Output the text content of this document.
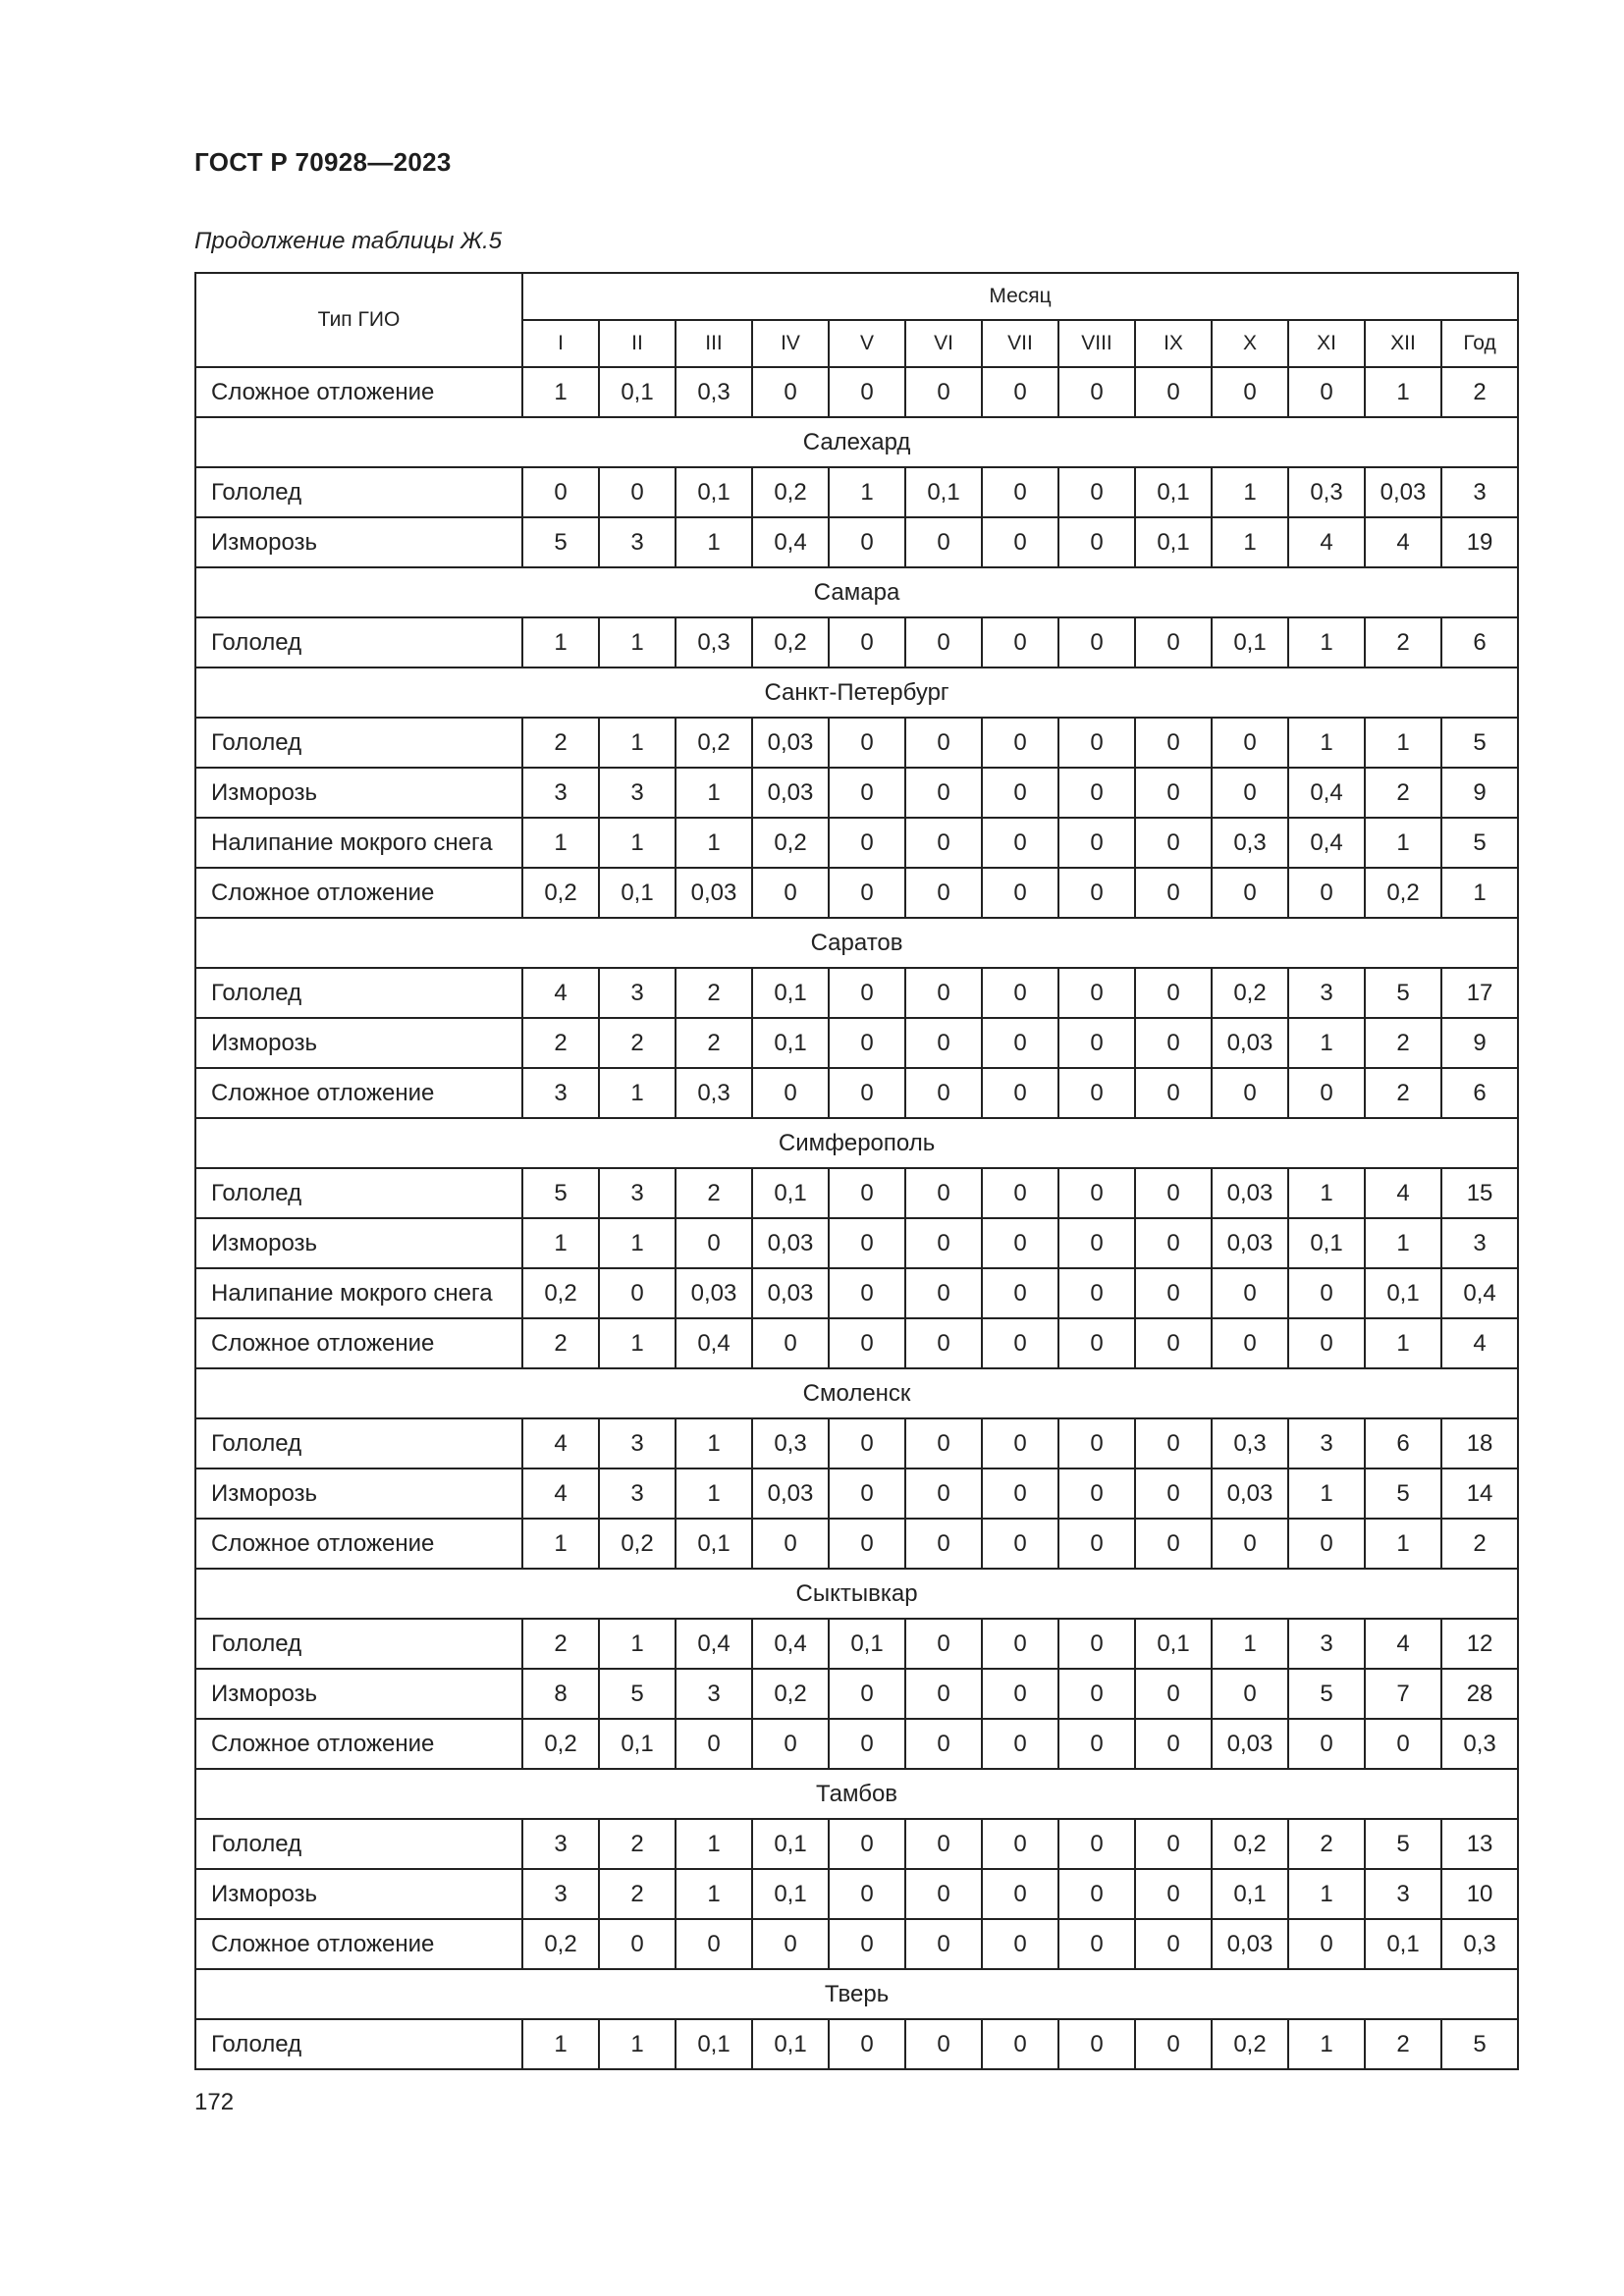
ГОСТ Р 70928—2023
Продолжение таблицы Ж.5
Тип ГИО	Месяц												
	I	II	III	IV	V	VI	VII	VIII	IX	X	XI	XII	Год
Сложное отложение	1	0,1	0,3	0	0	0	0	0	0	0	0	1	2
Салехард													
Гололед	0	0	0,1	0,2	1	0,1	0	0	0,1	1	0,3	0,03	3
Изморозь	5	3	1	0,4	0	0	0	0	0,1	1	4	4	19
Самара													
Гололед	1	1	0,3	0,2	0	0	0	0	0	0,1	1	2	6
Санкт-Петербург													
Гололед	2	1	0,2	0,03	0	0	0	0	0	0	1	1	5
Изморозь	3	3	1	0,03	0	0	0	0	0	0	0,4	2	9
Налипание мокрого снега	1	1	1	0,2	0	0	0	0	0	0,3	0,4	1	5
Сложное отложение	0,2	0,1	0,03	0	0	0	0	0	0	0	0	0,2	1
Саратов													
Гололед	4	3	2	0,1	0	0	0	0	0	0,2	3	5	17
Изморозь	2	2	2	0,1	0	0	0	0	0	0,03	1	2	9
Сложное отложение	3	1	0,3	0	0	0	0	0	0	0	0	2	6
Симферополь													
Гололед	5	3	2	0,1	0	0	0	0	0	0,03	1	4	15
Изморозь	1	1	0	0,03	0	0	0	0	0	0,03	0,1	1	3
Налипание мокрого снега	0,2	0	0,03	0,03	0	0	0	0	0	0	0	0,1	0,4
Сложное отложение	2	1	0,4	0	0	0	0	0	0	0	0	1	4
Смоленск													
Гололед	4	3	1	0,3	0	0	0	0	0	0,3	3	6	18
Изморозь	4	3	1	0,03	0	0	0	0	0	0,03	1	5	14
Сложное отложение	1	0,2	0,1	0	0	0	0	0	0	0	0	1	2
Сыктывкар													
Гололед	2	1	0,4	0,4	0,1	0	0	0	0,1	1	3	4	12
Изморозь	8	5	3	0,2	0	0	0	0	0	0	5	7	28
Сложное отложение	0,2	0,1	0	0	0	0	0	0	0	0,03	0	0	0,3
Тамбов													
Гололед	3	2	1	0,1	0	0	0	0	0	0,2	2	5	13
Изморозь	3	2	1	0,1	0	0	0	0	0	0,1	1	3	10
Сложное отложение	0,2	0	0	0	0	0	0	0	0	0,03	0	0,1	0,3
Тверь													
Гололед	1	1	0,1	0,1	0	0	0	0	0	0,2	1	2	5
172
